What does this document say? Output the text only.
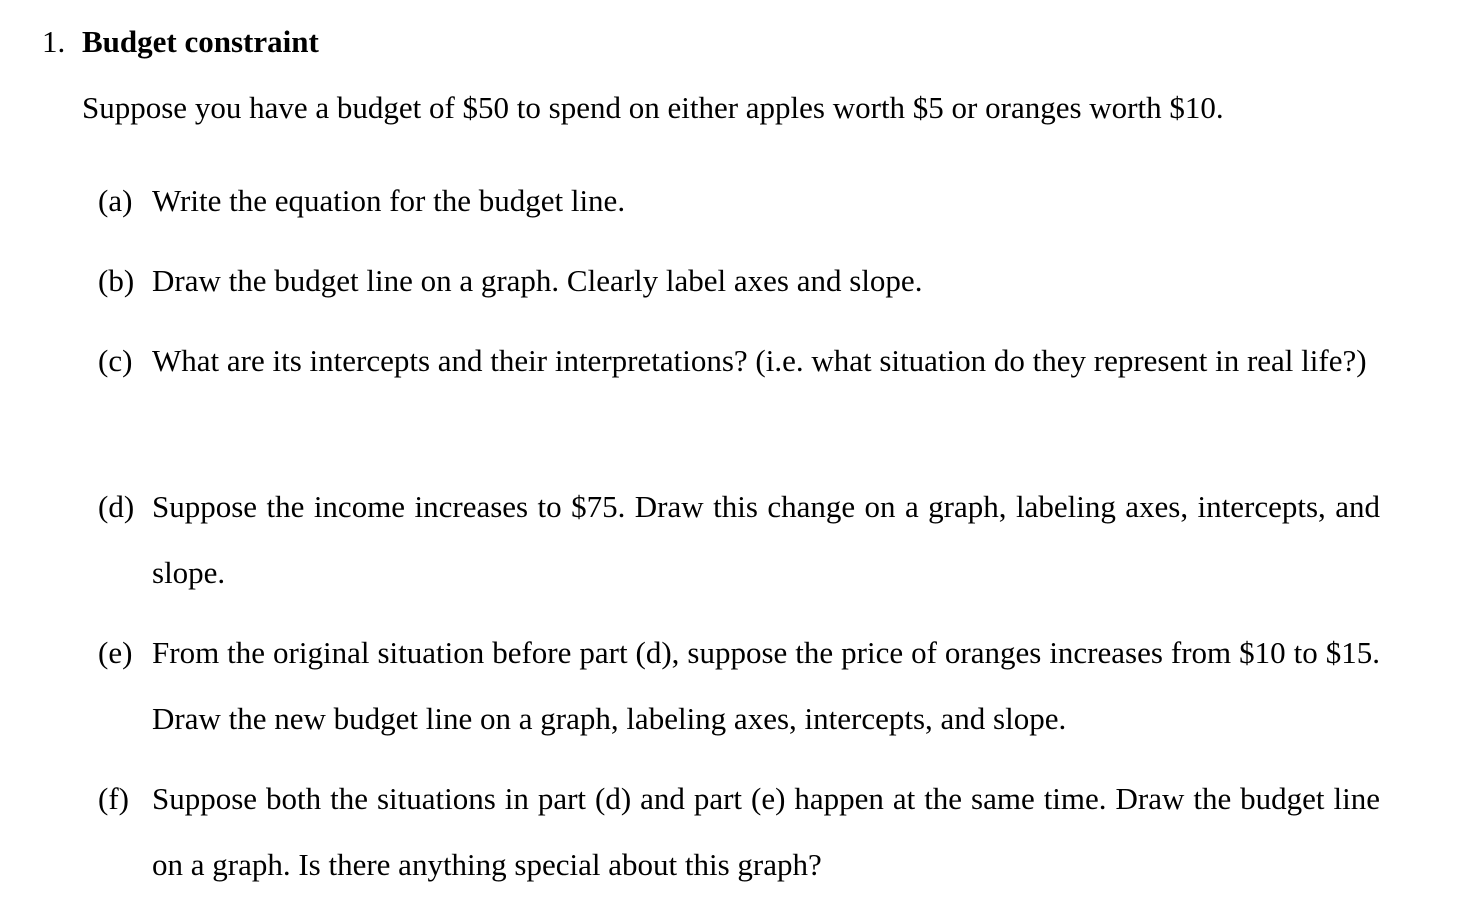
1. Budget constraint
Suppose you have a budget of $50 to spend on either apples worth $5 or oranges worth $10.
(a) Write the equation for the budget line.
(b) Draw the budget line on a graph. Clearly label axes and slope.
(c) What are its intercepts and their interpretations? (i.e. what situation do they represent in real life?)
(d) Suppose the income increases to $75. Draw this change on a graph, labeling axes, intercepts, and slope.
(e) From the original situation before part (d), suppose the price of oranges increases from $10 to $15. Draw the new budget line on a graph, labeling axes, intercepts, and slope.
(f) Suppose both the situations in part (d) and part (e) happen at the same time. Draw the budget line on a graph. Is there anything special about this graph?
